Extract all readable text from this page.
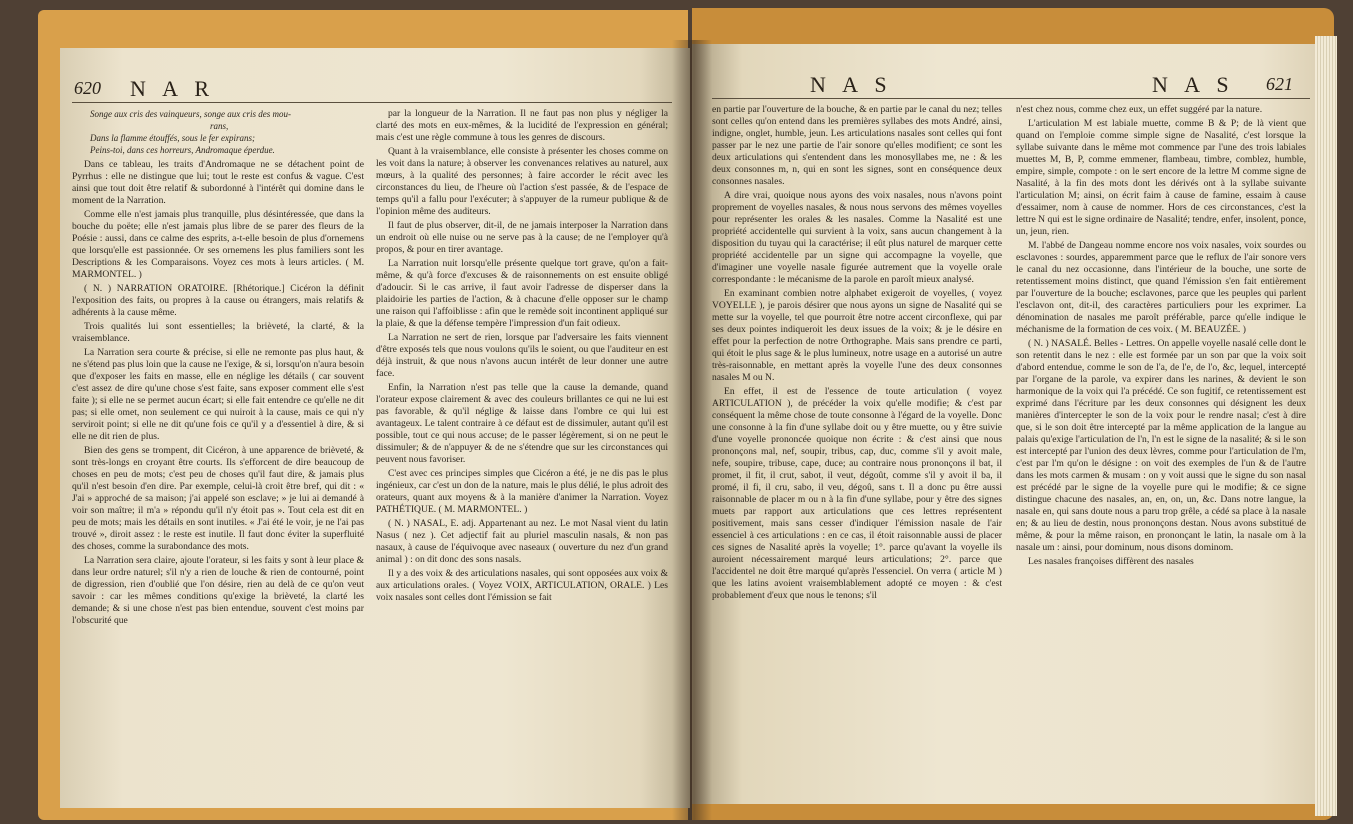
620 N A R
Songe aux cris des vainqueurs, songe aux cris des mou-
rans,
Dans la flamme étouffés, sous le fer expirans;
Peins-toi, dans ces horreurs, Andromaque éperdue.

Dans ce tableau, les traits d'Andromaque ne se détachent point de Pyrrhus : elle ne distingue que lui; tout le reste est confus & vague. C'est ainsi que tout doit être relatif & subordonné à l'intérêt qui domine dans le moment de la Narration.

Comme elle n'est jamais plus tranquille, plus désintéressée, que dans la bouche du poëte; elle n'est jamais plus libre de se parer des fleurs de la Poésie : aussi, dans ce calme des esprits, a-t-elle besoin de plus d'ornemens que lorsqu'elle est passionnée. Or ses ornemens les plus familiers sont les Descriptions & les Comparaisons. Voyez ces mots à leurs articles. ( M. MARMONTEL. )

( N. ) NARRATION ORATOIRE. [Rhétorique.] Cicéron la définit l'exposition des faits, ou propres à la cause ou étrangers, mais relatifs & adhérents à la cause même.

Trois qualités lui sont essentielles; la brièveté, la clarté, & la vraisemblance.

La Narration sera courte & précise, si elle ne remonte pas plus haut, & ne s'étend pas plus loin que la cause ne l'exige, & si, lorsqu'on n'aura besoin que d'exposer les faits en masse, elle en néglige les détails ( car souvent c'est assez de dire qu'une chose s'est faite, sans exposer comment elle s'est faite ); si elle ne se permet aucun écart; si elle fait entendre ce qu'elle ne dit pas; si elle omet, non seulement ce qui nuiroit à la cause, mais ce qui n'y serviroit point; si elle ne dit qu'une fois ce qu'il y a d'essentiel à dire, & si elle ne dit rien de plus.

Bien des gens se trompent, dit Cicéron, à une apparence de brièveté, & sont très-longs en croyant être courts. Ils s'efforcent de dire beaucoup de choses en peu de mots; c'est peu de choses qu'il faut dire, & jamais plus qu'il n'est besoin d'en dire. Par exemple, celui-là croit être bref, qui dit : « J'ai » approché de sa maison; j'ai appelé son esclave; » je lui ai demandé à voir son maître; il m'a » répondu qu'il n'y étoit pas ». Tout cela est dit en peu de mots; mais les détails en sont inutiles. « J'ai été le voir, je ne l'ai pas trouvé », diroit assez : le reste est inutile. Il faut donc éviter la superfluité des choses, comme la surabondance des mots.

La Narration sera claire, ajoute l'orateur, si les faits y sont à leur place & dans leur ordre naturel; s'il n'y a rien de louche & rien de contourné, point de digression, rien d'oublié que l'on désire, rien au delà de ce qu'on veut savoir : car les mêmes conditions qu'exige la brièveté, la clarté les demande; & si une chose n'est pas bien entendue, souvent c'est moins par l'obscurité que

par la longueur de la Narration. Il ne faut pas non plus y négliger la clarté des mots en eux-mêmes, & la lucidité de l'expression en général; mais c'est une règle commune à tous les genres de discours.

Quant à la vraisemblance, elle consiste à présenter les choses comme on les voit dans la nature; à observer les convenances relatives au naturel, aux mœurs, à la qualité des personnes; à faire accorder le récit avec les circonstances du lieu, de l'heure où l'action s'est passée, & de l'espace de temps qu'il a fallu pour l'exécuter; à s'appuyer de la rumeur publique & de l'opinion même des auditeurs.

Il faut de plus observer, dit-il, de ne jamais interposer la Narration dans un endroit où elle nuise ou ne serve pas à la cause; de ne l'employer qu'à propos, & pour en tirer avantage.

La Narration nuit lorsqu'elle présente quelque tort grave, qu'on a fait-même, & qu'à force d'excuses & de raisonnements on est ensuite obligé d'adoucir. Si le cas arrive, il faut avoir l'adresse de disperser dans la plaidoirie les parties de l'action, & à chacune d'elle opposer sur le champ une raison qui l'affoiblisse : afin que le remède soit incontinent appliqué sur la plaie, & que la défense tempère l'impression d'un fait odieux.

La Narration ne sert de rien, lorsque par l'adversaire les faits viennent d'être exposés tels que nous voulons qu'ils le soient, ou que l'auditeur en est déjà instruit, & que nous n'avons aucun intérêt de leur donner une autre face.

Enfin, la Narration n'est pas telle que la cause la demande, quand l'orateur expose clairement & avec des couleurs brillantes ce qui ne lui est pas favorable, & qu'il néglige & laisse dans l'ombre ce qui lui est avantageux. Le talent contraire à ce défaut est de dissimuler, autant qu'il est possible, tout ce qui nous accuse; de le passer légèrement, si on ne peut le dissimuler; & de n'appuyer & de ne s'étendre que sur les circonstances qui peuvent nous favoriser.

C'est avec ces principes simples que Cicéron a été, je ne dis pas le plus ingénieux, car c'est un don de la nature, mais le plus délié, le plus adroit des orateurs, quant aux moyens & à la manière d'animer la Narration. Voyez PATHÉTIQUE. ( M. MARMONTEL. )

( N. ) NASAL, E. adj. Appartenant au nez. Le mot Nasal vient du latin Nasus ( nez ). Cet adjectif fait au pluriel masculin nasals, & non pas nasaux, à cause de l'équivoque avec naseaux ( ouverture du nez d'un grand animal ) : on dit donc des sons nasals.

Il y a des voix & des articulations nasales, qui sont opposées aux voix & aux articulations orales. ( Voyez VOIX, ARTICULATION, ORALE. ) Les voix nasales sont celles dont l'émission se fait

N A S	N A S 621

en partie par l'ouverture de la bouche, & en partie par le canal du nez; telles sont celles qu'on entend dans les premières syllabes des mots André, ainsi, indigne, onglet, humble, jeun. Les articulations nasales sont celles qui font passer par le nez une partie de l'air sonore qu'elles modifient; ce sont les deux articulations qui s'entendent dans les monosyllabes me, ne : & les deux consonnes m, n, qui en sont les signes, sont en conséquence deux consonnes nasales.

A dire vrai, quoique nous ayons des voix nasales, nous n'avons point proprement de voyelles nasales, & nous nous servons des mêmes voyelles pour représenter les orales & les nasales. Comme la Nasalité est une propriété accidentelle qui survient à la voix, sans aucun changement à la disposition du tuyau qui la caractérise; il eût plus naturel de marquer cette propriété accidentelle par un signe qui accompagne la voyelle, que d'imaginer une voyelle nasale figurée autrement que la voyelle orale correspondante : le mécanisme de la parole en paroît mieux analysé.

En examinant combien notre alphabet exigeroit de voyelles, ( voyez VOYELLE ), je parois désirer que nous ayons un signe de Nasalité qui se mette sur la voyelle, tel que pourroit être notre accent circonflexe, qui par ses deux pointes indiqueroit les deux issues de la voix; & je le désire en effet pour la perfection de notre Orthographe. Mais sans prendre ce parti, qui étoit le plus sage & le plus lumineux, notre usage en a autorisé un autre très-raisonnable, en mettant après la voyelle l'une des deux consonnes nasales M ou N.

En effet, il est de l'essence de toute articulation ( voyez ARTICULATION ), de précéder la voix qu'elle modifie; & c'est par conséquent la même chose de toute consonne à l'égard de la voyelle. Donc une consonne à la fin d'une syllabe doit ou y être muette, ou y être suivie d'une voyelle prononcée quoique non écrite : & c'est ainsi que nous prononçons mal, nef, soupir, tribus, cap, duc, comme s'il y avoit male, nefe, soupire, tribuse, cape, duce; au contraire nous prononçons il bat, il promet, il fit, il crut, sabot, il veut, dégoût, comme s'il y avoit il ba, il promé, il fi, il cru, sabo, il veu, dégoû, sans t. Il a donc pu être aussi raisonnable de placer m ou n à la fin d'une syllabe, pour y être des signes muets par rapport aux articulations que ces lettres représentent positivement, mais sans cesser d'indiquer l'émission nasale de l'air essenciel à ces articulations : en ce cas, il étoit raisonnable aussi de placer ces signes de Nasalité après la voyelle; 1°. parce qu'avant la voyelle ils auroient nécessairement marqué leurs articulations; 2°. parce que l'accidentel ne doit être marqué qu'après l'essenciel. On verra ( article M ) que les latins avoient vraisemblablement adopté ce moyen : & c'est probablement d'eux que nous le tenons; s'il

n'est chez nous, comme chez eux, un effet suggéré par la nature.

L'articulation M est labiale muette, comme B & P; de là vient que quand on l'emploie comme simple signe de Nasalité, c'est lorsque la syllabe suivante dans le même mot commence par l'une des trois labiales muettes M, B, P, comme emmener, flambeau, timbre, comblez, humble, empire, simple, compote : on le sert encore de la lettre M comme signe de Nasalité, à la fin des mots dont les dérivés ont à la syllabe suivante l'articulation M; ainsi, on écrit faim à cause de famine, essaim à cause d'essaimer, nom à cause de nommer. Hors de ces circonstances, c'est la lettre N qui est le signe ordinaire de Nasalité; tendre, enfer, insolent, ponce, un, jeun, rien.

M. l'abbé de Dangeau nomme encore nos voix nasales, voix sourdes ou esclavones : sourdes, apparemment parce que le reflux de l'air sonore vers le canal du nez occasionne, dans l'intérieur de la bouche, une sorte de retentissement moins distinct, que quand l'émission s'en fait entièrement par l'ouverture de la bouche; esclavones, parce que les peuples qui parlent l'esclavon ont, dit-il, des caractères particuliers pour les exprimer. La dénomination de nasales me paroît préférable, parce qu'elle indique le méchanisme de la formation de ces voix. ( M. BEAUZÉE. )

( N. ) NASALÉ. Belles - Lettres. On appelle voyelle nasalé celle dont le son retentit dans le nez : elle est formée par un son par que la voix soit d'abord entendue, comme le son de l'a, de l'e, de l'o, &c, lequel, intercepté par l'organe de la parole, va expirer dans les narines, & devient le son harmonique de la voix qui l'a précédé. Ce son fugitif, ce retentissement est exprimé dans l'écriture par les deux consonnes qui désignent les deux manières d'intercepter le son de la voix pour le rendre nasal; c'est à dire que, si le son doit être intercepté par la même application de la langue au palais qu'exige l'articulation de l'n, l'n est le signe de la nasalité; & si le son est intercepté par l'union des deux lèvres, comme pour l'articulation de l'm, c'est par l'm qu'on le désigne : on voit des exemples de l'un & de l'autre dans les mots carmen & musam : on y voit aussi que le signe du son nasal est précédé par le signe de la voyelle pure qui le modifie; & ce signe distingue chacune des nasales, an, en, on, un, &c. Dans notre langue, la nasale en, qui sans doute nous a paru trop grêle, a cédé sa place à la nasale en; & au lieu de destin, nous prononçons destan. Nous avons substitué de même, & pour la même raison, en prononçant le latin, la nasale om à la nasale um : ainsi, pour dominum, nous disons dominom.

Les nasales françoises diffèrent des nasales
